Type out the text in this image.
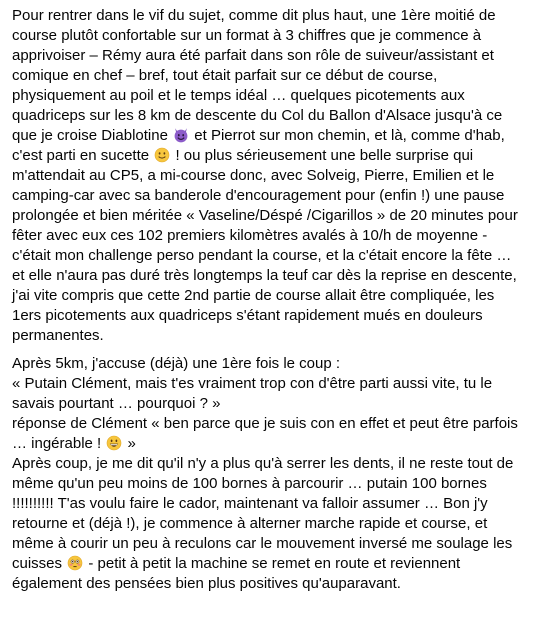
Pour rentrer dans le vif du sujet, comme dit plus haut, une 1ère moitié de
course plutôt confortable sur un format à 3 chiffres que je commence à
apprivoiser – Rémy aura été parfait dans son rôle de suiveur/assistant et
comique en chef – bref, tout était parfait sur ce début de course,
physiquement au poil et le temps idéal … quelques picotements aux
quadriceps sur les 8 km de descente du Col du Ballon d'Alsace jusqu'à ce
que je croise Diablotine
et Pierrot sur mon chemin, et là, comme d'hab,
c'est parti en sucette
! ou plus sérieusement une belle surprise qui
m'attendait au CP5, a mi-course donc, avec Solveig, Pierre, Emilien et le
camping-car avec sa banderole d'encouragement pour (enfin !) une pause
prolongée et bien méritée « Vaseline/Déspé /Cigarillos » de 20 minutes pour
fêter avec eux ces 102 premiers kilomètres avalés à 10/h de moyenne -
c'était mon challenge perso pendant la course, et la c'était encore la fête …
et elle n'aura pas duré très longtemps la teuf car dès la reprise en descente,
j'ai vite compris que cette 2nd partie de course allait être compliquée, les
1ers picotements aux quadriceps s'étant rapidement mués en douleurs
permanentes.

Après 5km, j'accuse (déjà) une 1ère fois le coup :
« Putain Clément, mais t'es vraiment trop con d'être parti aussi vite, tu le
savais pourtant … pourquoi ? »
réponse de Clément « ben parce que je suis con en effet et peut être parfois
… ingérable !
»
Après coup, je me dit qu'il n'y a plus qu'à serrer les dents, il ne reste tout de
même qu'un peu moins de 100 bornes à parcourir … putain 100 bornes
!!!!!!!!!! T'as voulu faire le cador, maintenant va falloir assumer … Bon j'y
retourne et (déjà !), je commence à alterner marche rapide et course, et
même à courir un peu à reculons car le mouvement inversé me soulage les
cuisses
- petit à petit la machine se remet en route et reviennent
également des pensées bien plus positives qu'auparavant.
